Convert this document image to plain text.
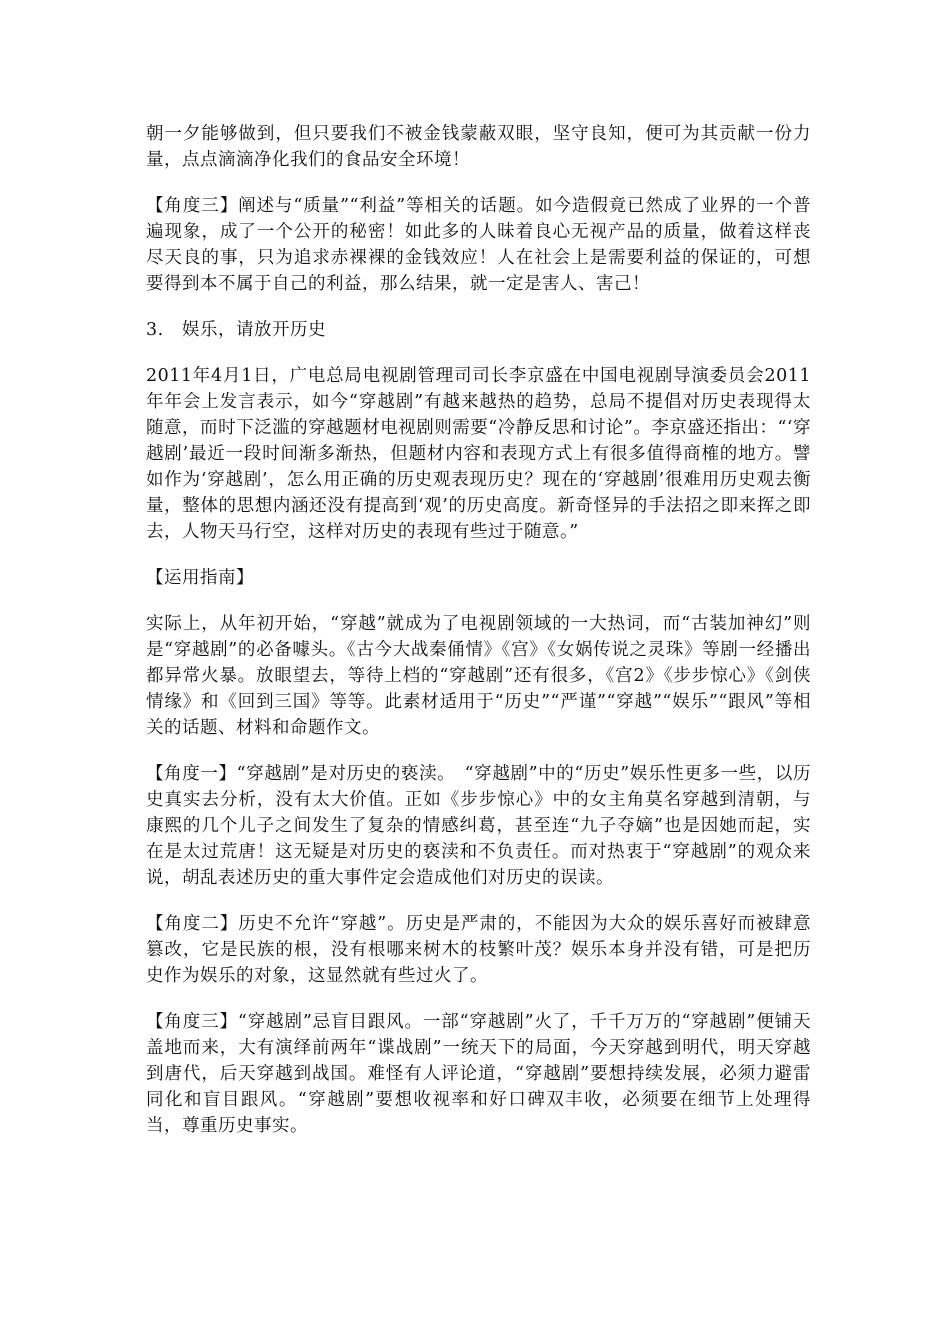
朝一夕能够做到，但只要我们不被金钱蒙蔽双眼，坚守良知，便可为其贡献一份力量，点点滴滴净化我们的食品安全环境！

【角度三】阐述与“质量”“利益”等相关的话题。如今造假竟已然成了业界的一个普遍现象，成了一个公开的秘密！如此多的人昧着良心无视产品的质量，做着这样丧尽天良的事，只为追求赤裸裸的金钱效应！人在社会上是需要利益的保证的，可想要得到本不属于自己的利益，那么结果，就一定是害人、害己！

3. 娱乐，请放开历史

2011年4月1日，广电总局电视剧管理司司长李京盛在中国电视剧导演委员会2011年年会上发言表示，如今“穿越剧”有越来越热的趋势，总局不提倡对历史表现得太随意，而时下泛滥的穿越题材电视剧则需要“冷静反思和讨论”。李京盛还指出：“‘穿越剧’最近一段时间渐多渐热，但题材内容和表现方式上有很多值得商榷的地方。譬如作为‘穿越剧’，怎么用正确的历史观表现历史？现在的‘穿越剧’很难用历史观去衡量，整体的思想内涵还没有提高到‘观’的历史高度。新奇怪异的手法招之即来挥之即去，人物天马行空，这样对历史的表现有些过于随意。”

【运用指南】

实际上，从年初开始，“穿越”就成为了电视剧领域的一大热词，而“古装加神幻”则是“穿越剧”的必备噱头。《古今大战秦俑情》《宫》《女娲传说之灵珠》等剧一经播出都异常火暴。放眼望去，等待上档的“穿越剧”还有很多，《宫2》《步步惊心》《剑侠情缘》和《回到三国》等等。此素材适用于“历史”“严谨”“穿越”“娱乐”“跟风”等相关的话题、材料和命题作文。

【角度一】“穿越剧”是对历史的亵渎。　“穿越剧”中的“历史”娱乐性更多一些，以历史真实去分析，没有太大价值。正如《步步惊心》中的女主角莫名穿越到清朝，与康熙的几个儿子之间发生了复杂的情感纠葛，甚至连“九子夺嫡”也是因她而起，实在是太过荒唐！这无疑是对历史的亵渎和不负责任。而对热衷于“穿越剧”的观众来说，胡乱表述历史的重大事件定会造成他们对历史的误读。

【角度二】历史不允许“穿越”。历史是严肃的，不能因为大众的娱乐喜好而被肆意篡改，它是民族的根，没有根哪来树木的枝繁叶茂？娱乐本身并没有错，可是把历史作为娱乐的对象，这显然就有些过火了。

【角度三】“穿越剧”忌盲目跟风。一部“穿越剧”火了，千千万万的“穿越剧”便铺天盖地而来，大有演绎前两年“谍战剧”一统天下的局面，今天穿越到明代，明天穿越到唐代，后天穿越到战国。难怪有人评论道，“穿越剧”要想持续发展，必须力避雷同化和盲目跟风。“穿越剧”要想收视率和好口碑双丰收，必须要在细节上处理得当，尊重历史事实。
